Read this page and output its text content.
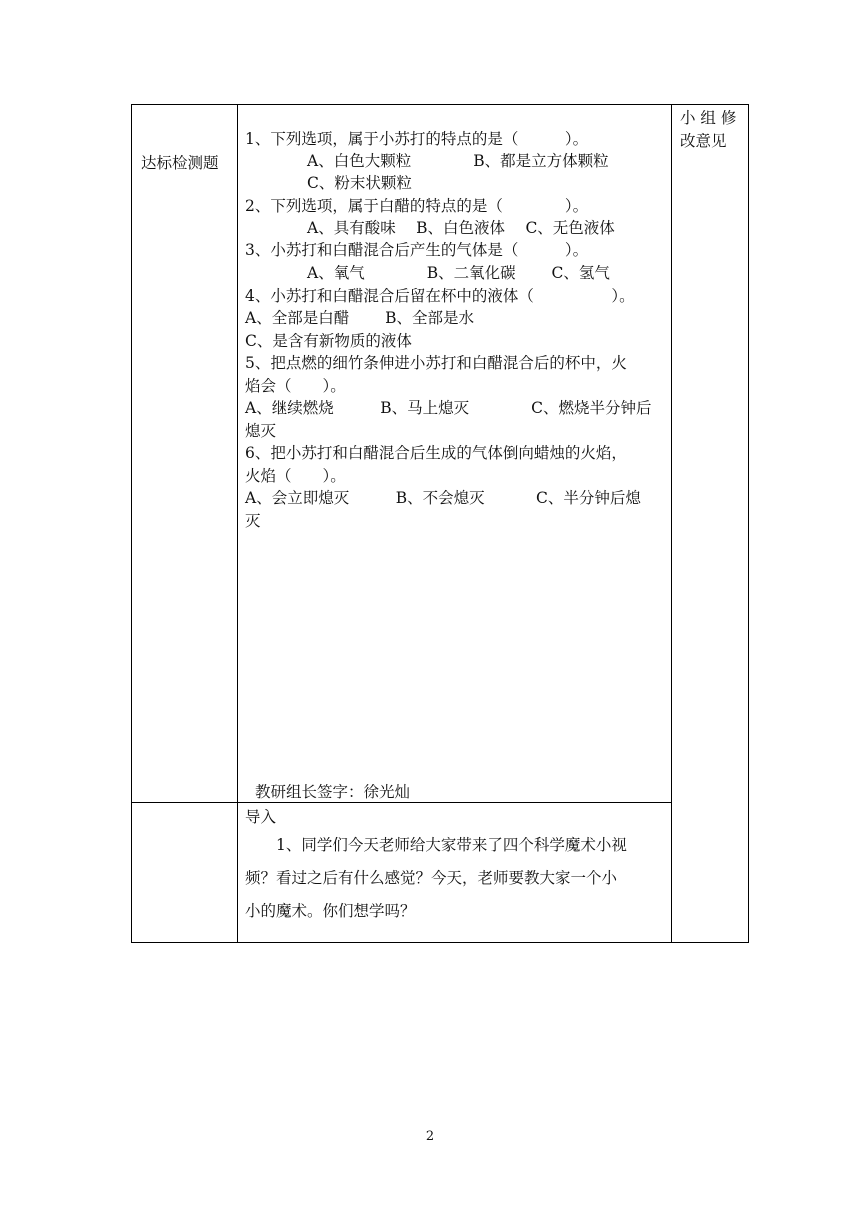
达标检测题
小 组 修
改意见
1、下列选项，属于小苏打的特点的是（　　　）。
　　　　A、白色大颗粒　　　　B、都是立方体颗粒
　　　　C、粉末状颗粒
2、下列选项，属于白醋的特点的是（　　　　）。
　　　　A、具有酸味　 B、白色液体　 C、无色液体
3、小苏打和白醋混合后产生的气体是（　　　）。
　　　　A、氧气　　　　B、二氧化碳　　 C、氢气
4、小苏打和白醋混合后留在杯中的液体（　　　　　）。
A、全部是白醋　　 B、全部是水
C、是含有新物质的液体
5、把点燃的细竹条伸进小苏打和白醋混合后的杯中，火
焰会（　　）。
A、继续燃烧　　　B、马上熄灭　　　　C、燃烧半分钟后
熄灭
6、把小苏打和白醋混合后生成的气体倒向蜡烛的火焰，
火焰（　　）。
A、会立即熄灭　　　B、不会熄灭　　　 C、半分钟后熄
灭
教研组长签字：徐光灿
导入
　　1、同学们今天老师给大家带来了四个科学魔术小视
频？看过之后有什么感觉？今天，老师要教大家一个小
小的魔术。你们想学吗？
2
